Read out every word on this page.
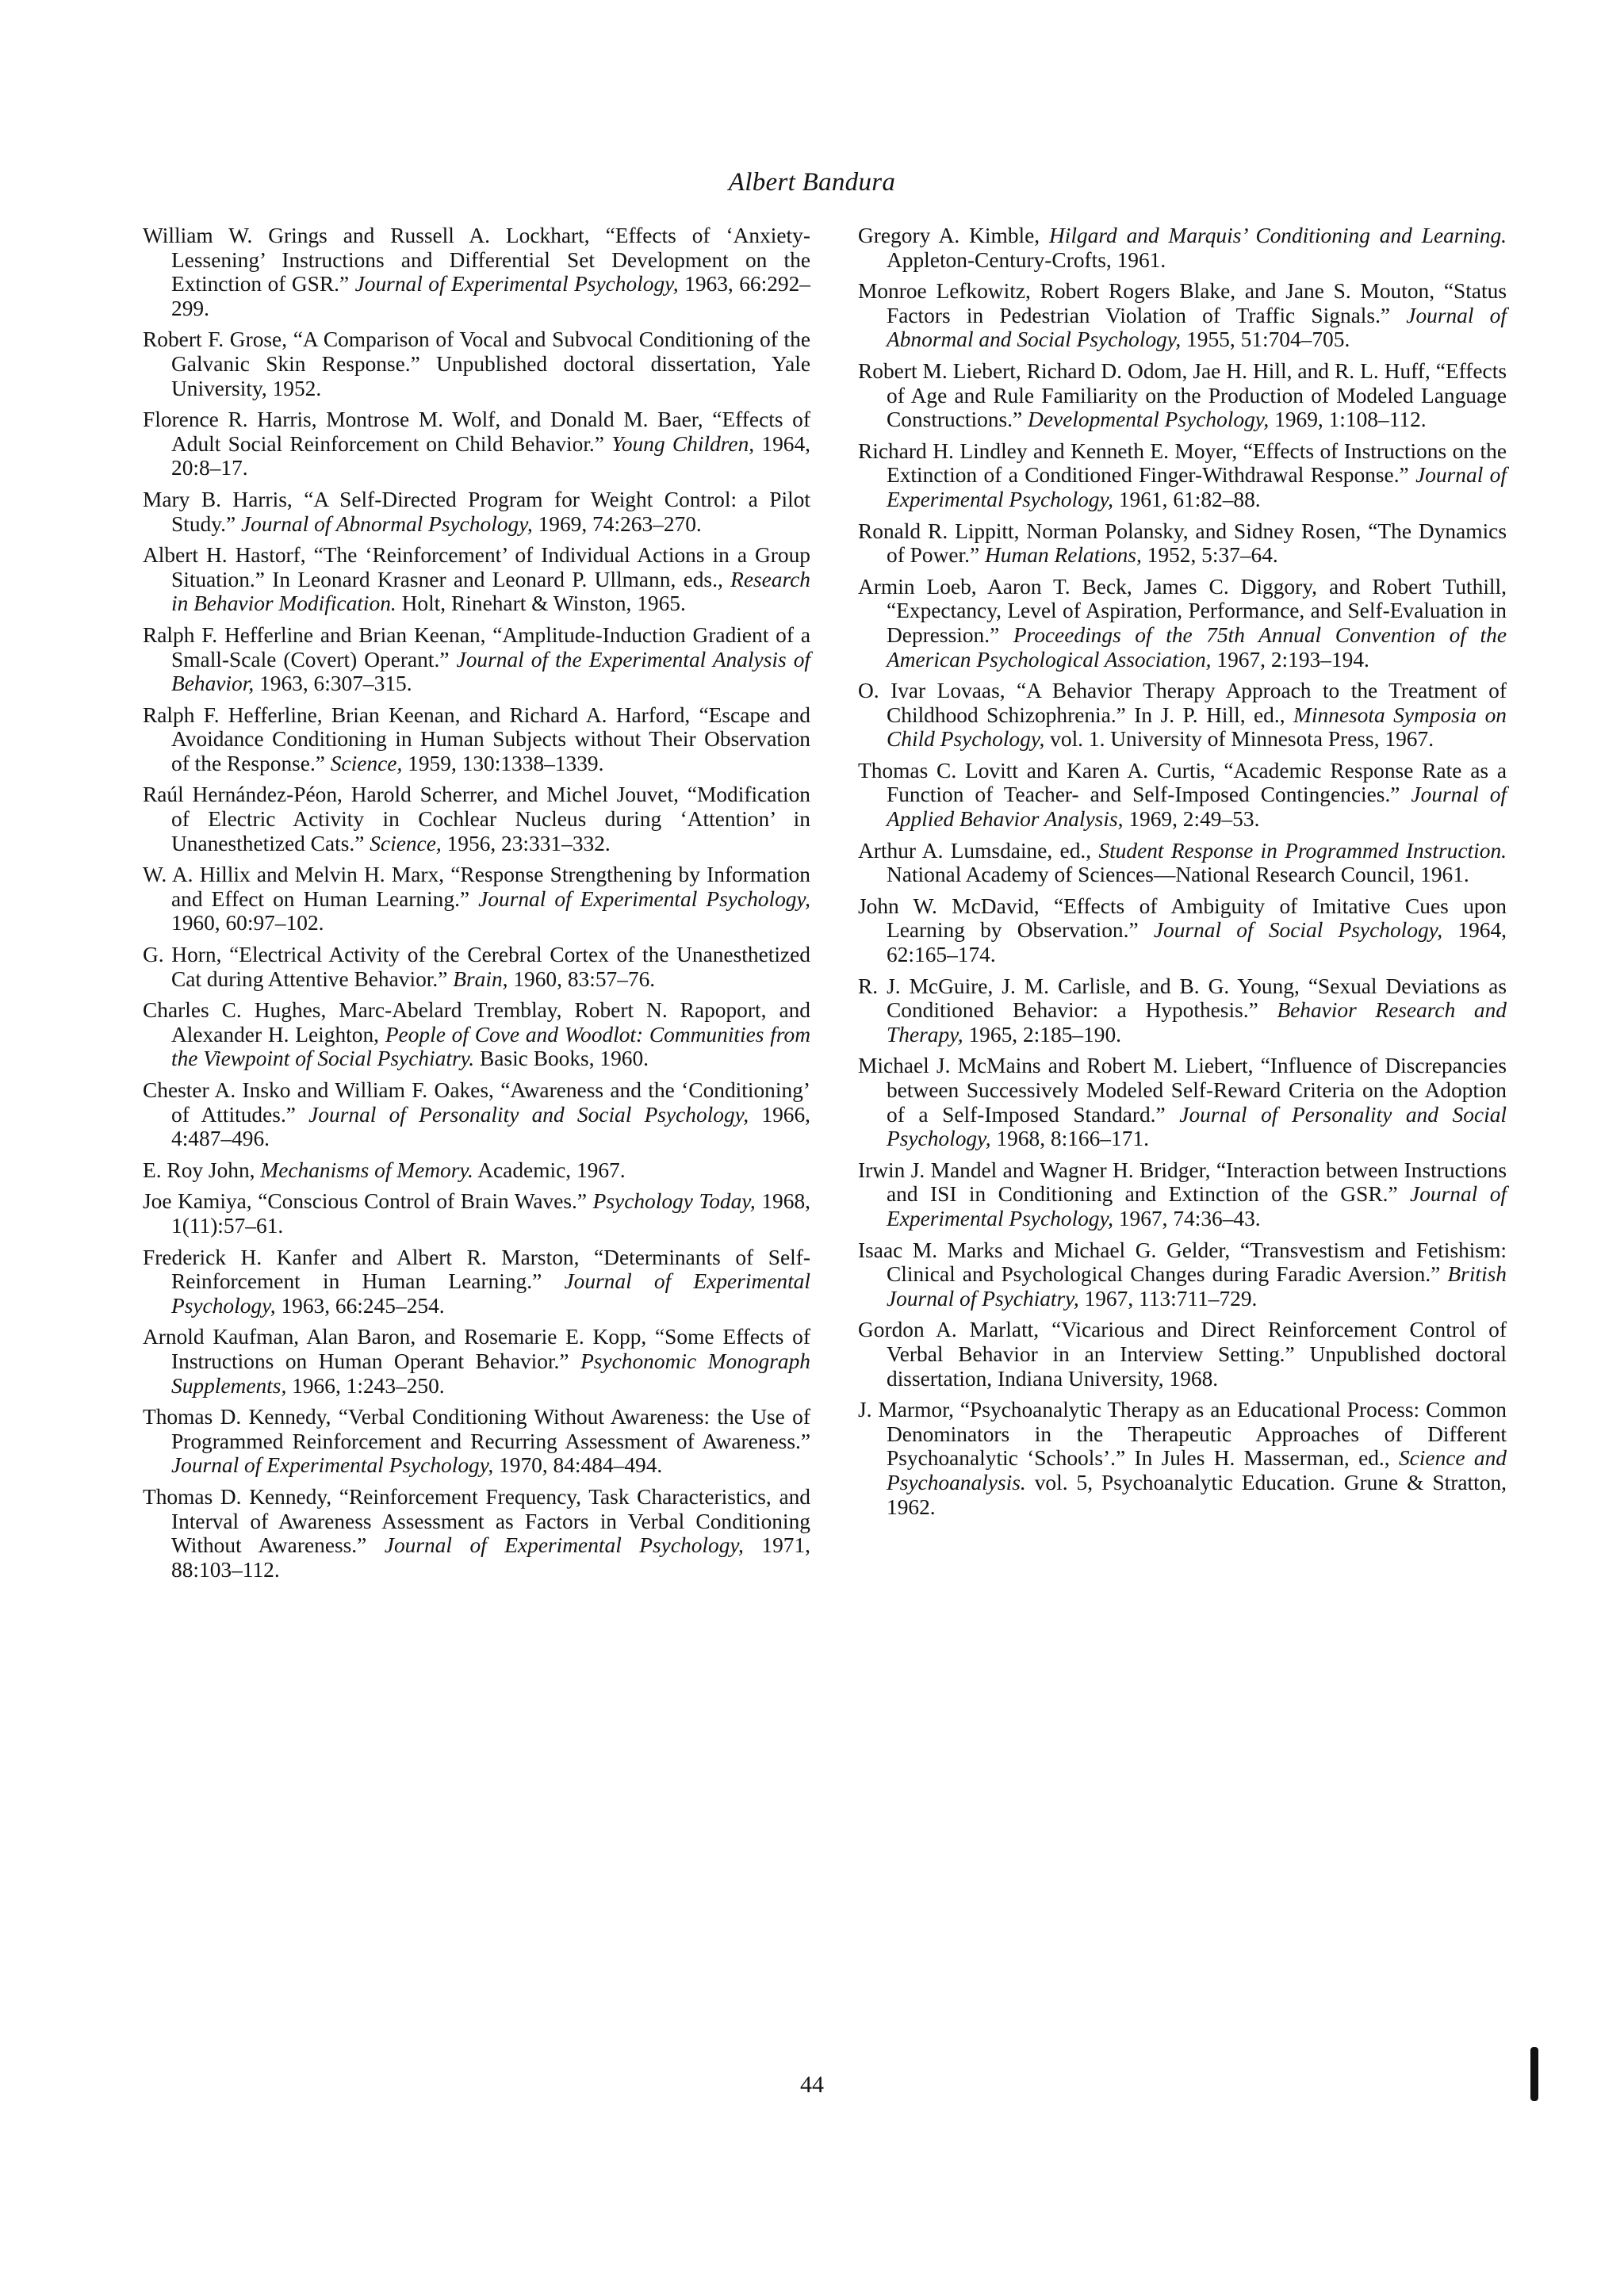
Albert Bandura

William W. Grings and Russell A. Lockhart, “Effects of ‘Anxiety-Lessening’ Instructions and Differential Set Development on the Extinction of GSR.” Journal of Experimental Psychology, 1963, 66:292–299.

Robert F. Grose, “A Comparison of Vocal and Subvocal Conditioning of the Galvanic Skin Response.” Unpublished doctoral dissertation, Yale University, 1952.

Florence R. Harris, Montrose M. Wolf, and Donald M. Baer, “Effects of Adult Social Reinforcement on Child Behavior.” Young Children, 1964, 20:8–17.

Mary B. Harris, “A Self-Directed Program for Weight Control: a Pilot Study.” Journal of Abnormal Psychology, 1969, 74:263–270.

Albert H. Hastorf, “The ‘Reinforcement’ of Individual Actions in a Group Situation.” In Leonard Krasner and Leonard P. Ullmann, eds., Research in Behavior Modification. Holt, Rinehart & Winston, 1965.

Ralph F. Hefferline and Brian Keenan, “Amplitude-Induction Gradient of a Small-Scale (Covert) Operant.” Journal of the Experimental Analysis of Behavior, 1963, 6:307–315.

Ralph F. Hefferline, Brian Keenan, and Richard A. Harford, “Escape and Avoidance Conditioning in Human Subjects without Their Observation of the Response.” Science, 1959, 130:1338–1339.

Raúl Hernández-Péon, Harold Scherrer, and Michel Jouvet, “Modification of Electric Activity in Cochlear Nucleus during ‘Attention’ in Unanesthetized Cats.” Science, 1956, 23:331–332.

W. A. Hillix and Melvin H. Marx, “Response Strengthening by Information and Effect on Human Learning.” Journal of Experimental Psychology, 1960, 60:97–102.

G. Horn, “Electrical Activity of the Cerebral Cortex of the Unanesthetized Cat during Attentive Behavior.” Brain, 1960, 83:57–76.

Charles C. Hughes, Marc-Abelard Tremblay, Robert N. Rapoport, and Alexander H. Leighton, People of Cove and Woodlot: Communities from the Viewpoint of Social Psychiatry. Basic Books, 1960.

Chester A. Insko and William F. Oakes, “Awareness and the ‘Conditioning’ of Attitudes.” Journal of Personality and Social Psychology, 1966, 4:487–496.

E. Roy John, Mechanisms of Memory. Academic, 1967.

Joe Kamiya, “Conscious Control of Brain Waves.” Psychology Today, 1968, 1(11):57–61.

Frederick H. Kanfer and Albert R. Marston, “Determinants of Self-Reinforcement in Human Learning.” Journal of Experimental Psychology, 1963, 66:245–254.

Arnold Kaufman, Alan Baron, and Rosemarie E. Kopp, “Some Effects of Instructions on Human Operant Behavior.” Psychonomic Monograph Supplements, 1966, 1:243–250.

Thomas D. Kennedy, “Verbal Conditioning Without Awareness: the Use of Programmed Reinforcement and Recurring Assessment of Awareness.” Journal of Experimental Psychology, 1970, 84:484–494.

Thomas D. Kennedy, “Reinforcement Frequency, Task Characteristics, and Interval of Awareness Assessment as Factors in Verbal Conditioning Without Awareness.” Journal of Experimental Psychology, 1971, 88:103–112.

Gregory A. Kimble, Hilgard and Marquis’ Conditioning and Learning. Appleton-Century-Crofts, 1961.

Monroe Lefkowitz, Robert Rogers Blake, and Jane S. Mouton, “Status Factors in Pedestrian Violation of Traffic Signals.” Journal of Abnormal and Social Psychology, 1955, 51:704–705.

Robert M. Liebert, Richard D. Odom, Jae H. Hill, and R. L. Huff, “Effects of Age and Rule Familiarity on the Production of Modeled Language Constructions.” Developmental Psychology, 1969, 1:108–112.

Richard H. Lindley and Kenneth E. Moyer, “Effects of Instructions on the Extinction of a Conditioned Finger-Withdrawal Response.” Journal of Experimental Psychology, 1961, 61:82–88.

Ronald R. Lippitt, Norman Polansky, and Sidney Rosen, “The Dynamics of Power.” Human Relations, 1952, 5:37–64.

Armin Loeb, Aaron T. Beck, James C. Diggory, and Robert Tuthill, “Expectancy, Level of Aspiration, Performance, and Self-Evaluation in Depression.” Proceedings of the 75th Annual Convention of the American Psychological Association, 1967, 2:193–194.

O. Ivar Lovaas, “A Behavior Therapy Approach to the Treatment of Childhood Schizophrenia.” In J. P. Hill, ed., Minnesota Symposia on Child Psychology, vol. 1. University of Minnesota Press, 1967.

Thomas C. Lovitt and Karen A. Curtis, “Academic Response Rate as a Function of Teacher- and Self-Imposed Contingencies.” Journal of Applied Behavior Analysis, 1969, 2:49–53.

Arthur A. Lumsdaine, ed., Student Response in Programmed Instruction. National Academy of Sciences—National Research Council, 1961.

John W. McDavid, “Effects of Ambiguity of Imitative Cues upon Learning by Observation.” Journal of Social Psychology, 1964, 62:165–174.

R. J. McGuire, J. M. Carlisle, and B. G. Young, “Sexual Deviations as Conditioned Behavior: a Hypothesis.” Behavior Research and Therapy, 1965, 2:185–190.

Michael J. McMains and Robert M. Liebert, “Influence of Discrepancies between Successively Modeled Self-Reward Criteria on the Adoption of a Self-Imposed Standard.” Journal of Personality and Social Psychology, 1968, 8:166–171.

Irwin J. Mandel and Wagner H. Bridger, “Interaction between Instructions and ISI in Conditioning and Extinction of the GSR.” Journal of Experimental Psychology, 1967, 74:36–43.

Isaac M. Marks and Michael G. Gelder, “Transvestism and Fetishism: Clinical and Psychological Changes during Faradic Aversion.” British Journal of Psychiatry, 1967, 113:711–729.

Gordon A. Marlatt, “Vicarious and Direct Reinforcement Control of Verbal Behavior in an Interview Setting.” Unpublished doctoral dissertation, Indiana University, 1968.

J. Marmor, “Psychoanalytic Therapy as an Educational Process: Common Denominators in the Therapeutic Approaches of Different Psychoanalytic ‘Schools’.” In Jules H. Masserman, ed., Science and Psychoanalysis. vol. 5, Psychoanalytic Education. Grune & Stratton, 1962.

44
